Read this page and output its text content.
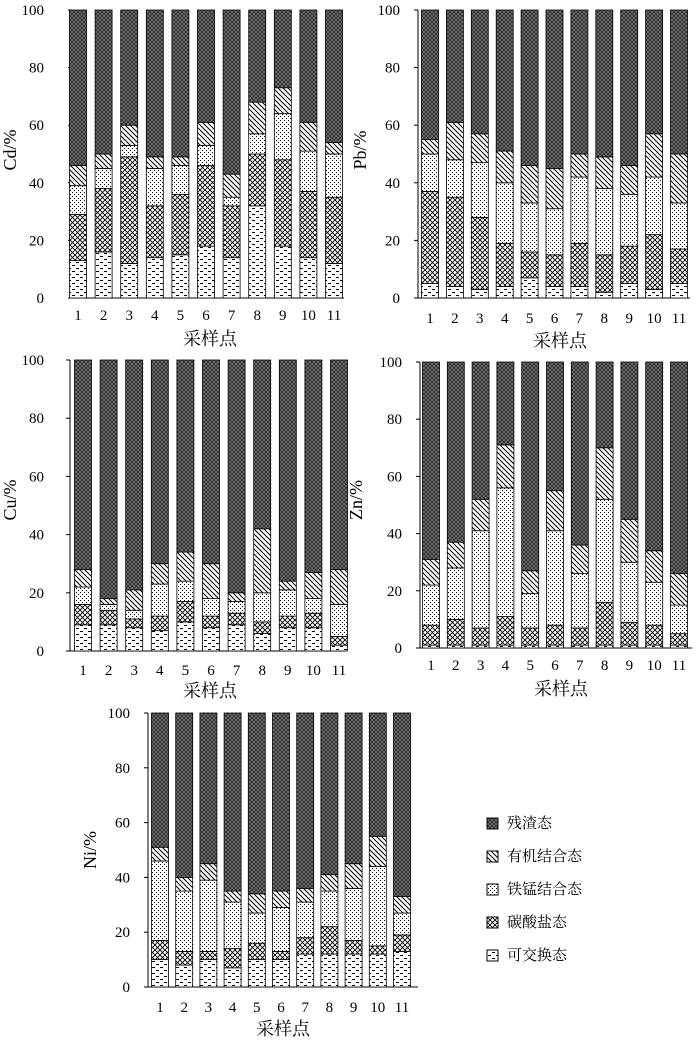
0
20
40
60
80
100
1 2 3 4 5 6 7 8 9 10 11
Cd/%
采样点
0
20
40
60
80
100
1 2 3 4 5 6 7 8 9 10 11
Pb/%
采样点
0
20
40
60
80
100
1 2 3 4 5 6 7 8 9 10 11
Cu/%
采样点
0
20
40
60
80
100
1 2 3 4 5 6 7 8 9 10 11
Zn/%
采样点
0
20
40
60
80
100
1 2 3 4 5 6 7 8 9 10 11
Ni/%
采样点
残渣态
有机结合态
铁锰结合态
碳酸盐态
可交换态
